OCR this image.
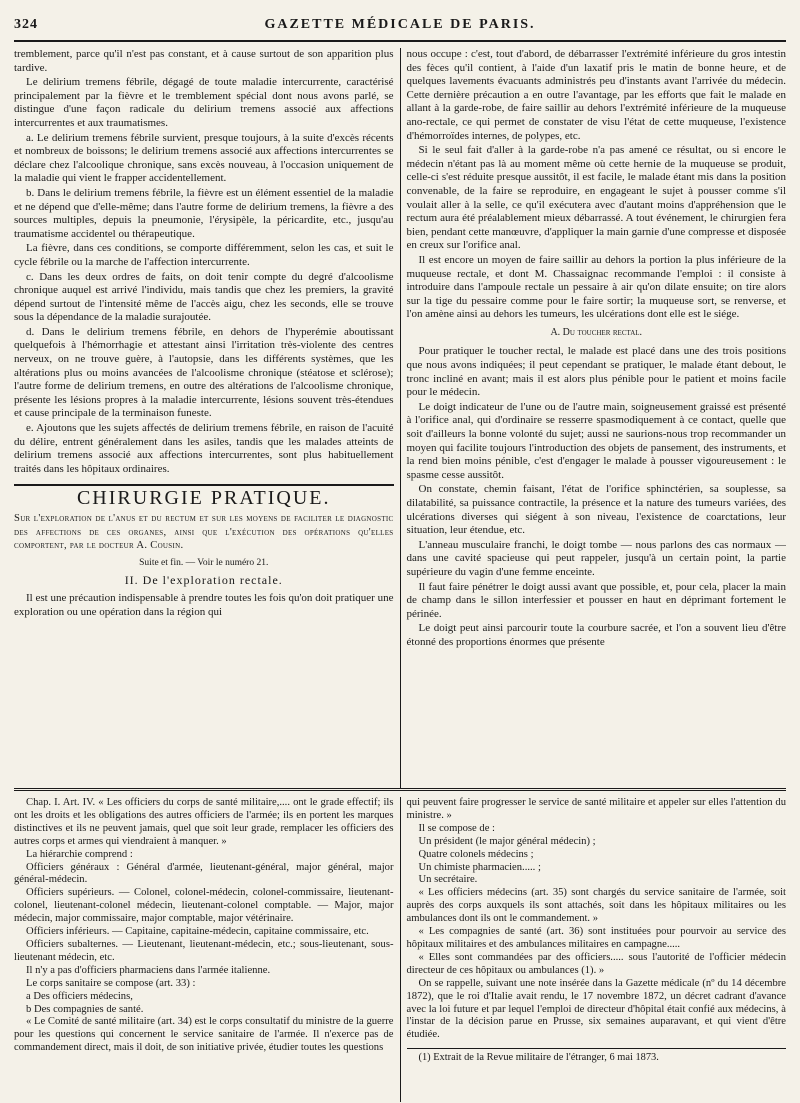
324	GAZETTE MÉDICALE DE PARIS.

tremblement, parce qu'il n'est pas constant, et à cause surtout de son apparition plus tardive.

Le delirium tremens fébrile, dégagé de toute maladie intercurrente, caractérisé principalement par la fièvre et le tremblement spécial dont nous avons parlé, se distingue d'une façon radicale du delirium tremens associé aux affections intercurrentes et aux traumatismes.

a. Le delirium tremens fébrile survient, presque toujours, à la suite d'excès récents et nombreux de boissons; le delirium tremens associé aux affections intercurrentes se déclare chez l'alcoolique chronique, sans excès nouveau, à l'occasion uniquement de la maladie qui vient le frapper accidentellement.

b. Dans le delirium tremens fébrile, la fièvre est un élément essentiel de la maladie et ne dépend que d'elle-même; dans l'autre forme de delirium tremens, la fièvre a des sources multiples, depuis la pneumonie, l'érysipèle, la péricardite, etc., jusqu'au traumatisme accidentel ou thérapeutique.

La fièvre, dans ces conditions, se comporte différemment, selon les cas, et suit le cycle fébrile ou la marche de l'affection intercurrente.

c. Dans les deux ordres de faits, on doit tenir compte du degré d'alcoolisme chronique auquel est arrivé l'individu, mais tandis que chez les premiers, la gravité dépend surtout de l'intensité même de l'accès aigu, chez les seconds, elle se trouve sous la dépendance de la maladie surajoutée.

d. Dans le delirium tremens fébrile, en dehors de l'hyperémie aboutissant quelquefois à l'hémorrhagie et attestant ainsi l'irritation très-violente des centres nerveux, on ne trouve guère, à l'autopsie, dans les différents systèmes, que les altérations plus ou moins avancées de l'alcoolisme chronique (stéatose et sclérose); l'autre forme de delirium tremens, en outre des altérations de l'alcoolisme chronique, présente les lésions propres à la maladie intercurrente, lésions souvent très-étendues et cause principale de la terminaison funeste.

e. Ajoutons que les sujets affectés de delirium tremens fébrile, en raison de l'acuité du délire, entrent généralement dans les asiles, tandis que les malades atteints de delirium tremens associé aux affections intercurrentes, sont plus habituellement traités dans les hôpitaux ordinaires.

CHIRURGIE PRATIQUE.
Sur l'exploration de l'anus et du rectum et sur les moyens de faciliter le diagnostic des affections de ces organes, ainsi que l'exécution des opérations qu'elles comportent, par le docteur A. Cousin.
Suite et fin. — Voir le numéro 21.
II. De l'exploration rectale.

Il est une précaution indispensable à prendre toutes les fois qu'on doit pratiquer une exploration ou une opération dans la région qui

nous occupe : c'est, tout d'abord, de débarrasser l'extrémité inférieure du gros intestin des fèces qu'il contient, à l'aide d'un laxatif pris le matin de bonne heure, et de quelques lavements évacuants administrés peu d'instants avant l'arrivée du médecin. Cette dernière précaution a en outre l'avantage, par les efforts que fait le malade en allant à la garde-robe, de faire saillir au dehors l'extrémité inférieure de la muqueuse ano-rectale, ce qui permet de constater de visu l'état de cette muqueuse, l'existence d'hémorroïdes internes, de polypes, etc.

Si le seul fait d'aller à la garde-robe n'a pas amené ce résultat, ou si encore le médecin n'étant pas là au moment même où cette hernie de la muqueuse se produit, celle-ci s'est réduite presque aussitôt, il est facile, le malade étant mis dans la position convenable, de la faire se reproduire, en engageant le sujet à pousser comme s'il voulait aller à la selle, ce qu'il exécutera avec d'autant moins d'appréhension que le rectum aura été préalablement mieux débarrassé. A tout événement, le chirurgien fera bien, pendant cette manœuvre, d'appliquer la main garnie d'une compresse et disposée en creux sur l'orifice anal.

Il est encore un moyen de faire saillir au dehors la portion la plus inférieure de la muqueuse rectale, et dont M. Chassaignac recommande l'emploi : il consiste à introduire dans l'ampoule rectale un pessaire à air qu'on dilate ensuite; on tire alors sur la tige du pessaire comme pour le faire sortir; la muqueuse sort, se renverse, et l'on amène ainsi au dehors les tumeurs, les ulcérations dont elle est le siége.

A. Du toucher rectal.

Pour pratiquer le toucher rectal, le malade est placé dans une des trois positions que nous avons indiquées; il peut cependant se pratiquer, le malade étant debout, le tronc incliné en avant; mais il est alors plus pénible pour le patient et moins facile pour le médecin.

Le doigt indicateur de l'une ou de l'autre main, soigneusement graissé est présenté à l'orifice anal, qui d'ordinaire se resserre spasmodiquement à ce contact, quelle que soit d'ailleurs la bonne volonté du sujet; aussi ne saurions-nous trop recommander un moyen qui facilite toujours l'introduction des objets de pansement, des instruments, et la rend bien moins pénible, c'est d'engager le malade à pousser vigoureusement : le spasme cesse aussitôt.

On constate, chemin faisant, l'état de l'orifice sphinctérien, sa souplesse, sa dilatabilité, sa puissance contractile, la présence et la nature des tumeurs variées, des ulcérations diverses qui siégent à son niveau, l'existence de coarctations, leur situation, leur étendue, etc.

L'anneau musculaire franchi, le doigt tombe — nous parlons des cas normaux — dans une cavité spacieuse qui peut rappeler, jusqu'à un certain point, la partie supérieure du vagin d'une femme enceinte.

Il faut faire pénétrer le doigt aussi avant que possible, et, pour cela, placer la main de champ dans le sillon interfessier et pousser en haut en déprimant fortement le périnée.

Le doigt peut ainsi parcourir toute la courbure sacrée, et l'on a souvent lieu d'être étonné des proportions énormes que présente

Chap. I. Art. IV. « Les officiers du corps de santé militaire,.... ont le grade effectif; ils ont les droits et les obligations des autres officiers de l'armée; ils en portent les marques distinctives et ils ne peuvent jamais, quel que soit leur grade, remplacer les officiers des autres corps et armes qui viendraient à manquer. »

La hiérarchie comprend :

Officiers généraux : Général d'armée, lieutenant-général, major général, major général-médecin.

Officiers supérieurs. — Colonel, colonel-médecin, colonel-commissaire, lieutenant-colonel, lieutenant-colonel médecin, lieutenant-colonel comptable. — Major, major médecin, major commissaire, major comptable, major vétérinaire.

Officiers inférieurs. — Capitaine, capitaine-médecin, capitaine commissaire, etc.

Officiers subalternes. — Lieutenant, lieutenant-médecin, etc.; sous-lieutenant, sous-lieutenant médecin, etc.

Il n'y a pas d'officiers pharmaciens dans l'armée italienne.

Le corps sanitaire se compose (art. 33) :

a Des officiers médecins,

b Des compagnies de santé.

« Le Comité de santé militaire (art. 34) est le corps consultatif du ministre de la guerre pour les questions qui concernent le service sanitaire de l'armée. Il n'exerce pas de commandement direct, mais il doit, de son initiative privée, étudier toutes les questions

qui peuvent faire progresser le service de santé militaire et appeler sur elles l'attention du ministre. »

Il se compose de :

Un président (le major général médecin) ;

Quatre colonels médecins ;

Un chimiste pharmacien..... ;

Un secrétaire.

« Les officiers médecins (art. 35) sont chargés du service sanitaire de l'armée, soit auprès des corps auxquels ils sont attachés, soit dans les hôpitaux militaires ou les ambulances dont ils ont le commandement. »

« Les compagnies de santé (art. 36) sont instituées pour pourvoir au service des hôpitaux militaires et des ambulances militaires en campagne.....

« Elles sont commandées par des officiers..... sous l'autorité de l'officier médecin directeur de ces hôpitaux ou ambulances (1). »

On se rappelle, suivant une note insérée dans la Gazette médicale (nº du 14 décembre 1872), que le roi d'Italie avait rendu, le 17 novembre 1872, un décret cadrant d'avance avec la loi future et par lequel l'emploi de directeur d'hôpital était confié aux médecins, à l'instar de la décision parue en Prusse, six semaines auparavant, et qui vient d'être étudiée.

(1) Extrait de la Revue militaire de l'étranger, 6 mai 1873.
